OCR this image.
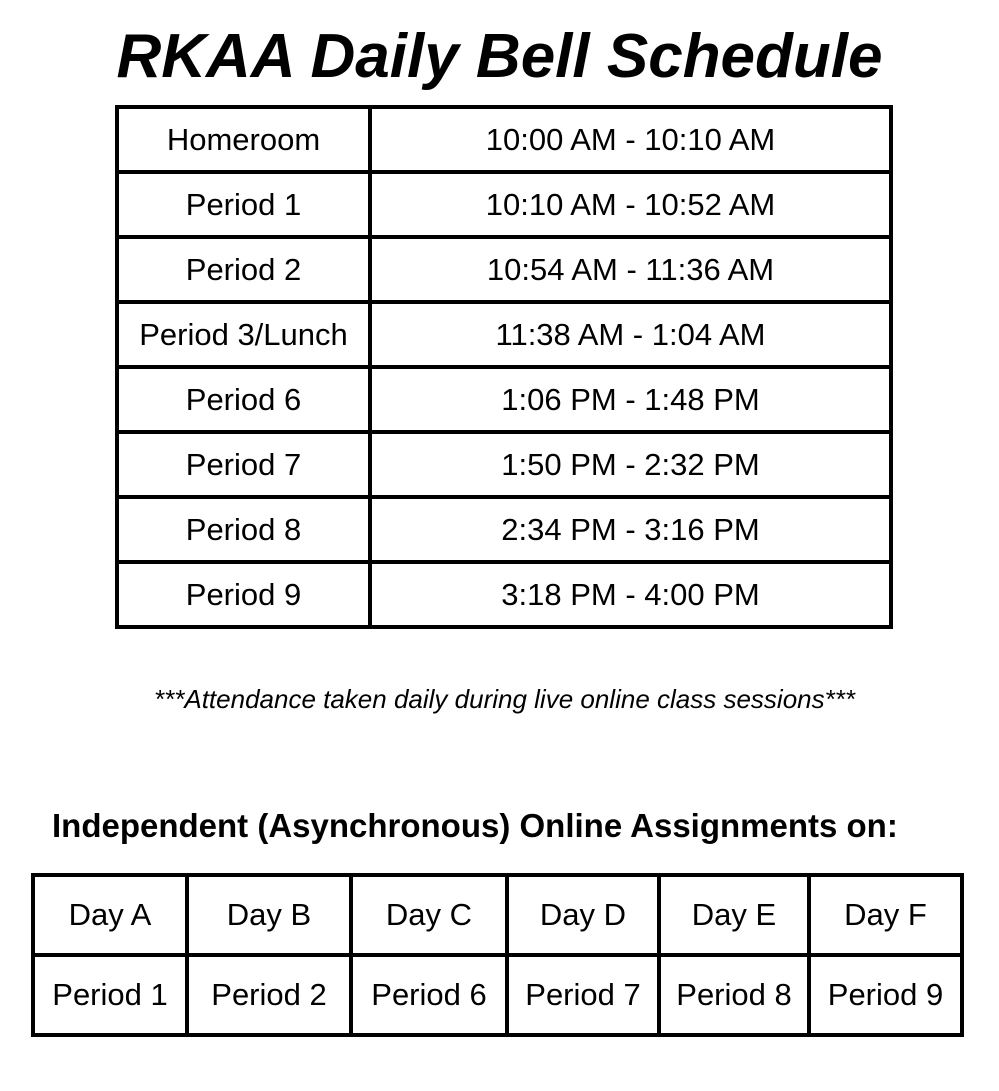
RKAA Daily Bell Schedule
Homeroom	10:00 AM - 10:10 AM
Period 1	10:10 AM - 10:52 AM
Period 2	10:54 AM - 11:36 AM
Period 3/Lunch	11:38 AM - 1:04 AM
Period 6	1:06 PM - 1:48 PM
Period 7	1:50 PM - 2:32 PM
Period 8	2:34 PM - 3:16 PM
Period 9	3:18 PM - 4:00 PM

***Attendance taken daily during live online class sessions***

Independent (Asynchronous) Online Assignments on:
Day A	Day B	Day C	Day D	Day E	Day F
Period 1	Period 2	Period 6	Period 7	Period 8	Period 9
